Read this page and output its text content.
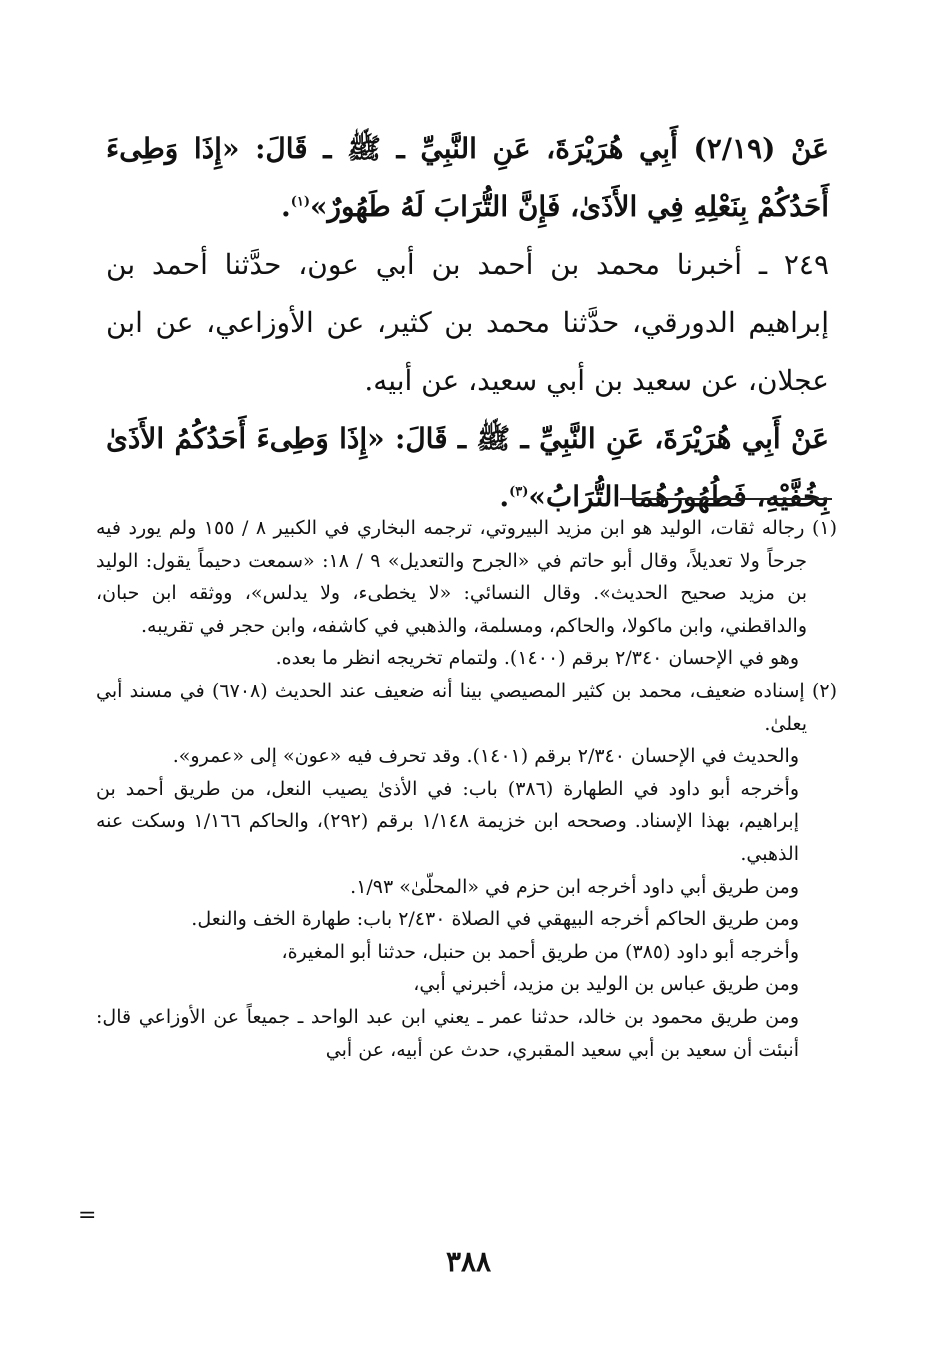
عَنْ (٢/١٩) أَبِي هُرَيْرَةَ، عَنِ النَّبِيِّ ـ ﷺ ـ قَالَ: «إِذَا وَطِىءَ أَحَدُكُمْ بِنَعْلِهِ فِي الأَذَىٰ، فَإِنَّ التُّرَابَ لَهُ طَهُورٌ»$^{(١)}$.

٢٤٩ ـ أخبرنا محمد بن أحمد بن أبي عون، حدَّثنا أحمد بن إبراهيم الدورقي، حدَّثنا محمد بن كثير، عن الأوزاعي، عن ابن عجلان، عن سعيد بن أبي سعيد، عن أبيه.

عَنْ أَبِي هُرَيْرَةَ، عَنِ النَّبِيِّ ـ ﷺ ـ قَالَ: «إِذَا وَطِىءَ أَحَدُكُمُ الأَذَىٰ بِخُفَّيْهِ، فَطُهُورُهُمَا التُّرَابُ»$^{(٣)}$.

(١) رجاله ثقات، الوليد هو ابن مزيد البيروتي، ترجمه البخاري في الكبير ٨ / ١٥٥ ولم يورد فيه جرحاً ولا تعديلاً، وقال أبو حاتم في «الجرح والتعديل» ٩ / ١٨: «سمعت دحيماً يقول: الوليد بن مزيد صحيح الحديث». وقال النسائي: «لا يخطىء، ولا يدلس»، ووثقه ابن حبان، والداقطني، وابن ماكولا، والحاكم، ومسلمة، والذهبي في كاشفه، وابن حجر في تقريبه.

وهو في الإحسان ٢/٣٤٠ برقم (١٤٠٠). ولتمام تخريجه انظر ما بعده.

(٢) إسناده ضعيف، محمد بن كثير المصيصي بينا أنه ضعيف عند الحديث (٦٧٠٨) في مسند أبي يعلىٰ.

والحديث في الإحسان ٢/٣٤٠ برقم (١٤٠١). وقد تحرف فيه «عون» إلى «عمرو».

وأخرجه أبو داود في الطهارة (٣٨٦) باب: في الأذىٰ يصيب النعل، من طريق أحمد بن إبراهيم، بهذا الإسناد. وصححه ابن خزيمة ١/١٤٨ برقم (٢٩٢)، والحاكم ١/١٦٦ وسكت عنه الذهبي.

ومن طريق أبي داود أخرجه ابن حزم في «المحلّىٰ» ١/٩٣.

ومن طريق الحاكم أخرجه البيهقي في الصلاة ٢/٤٣٠ باب: طهارة الخف والنعل.

وأخرجه أبو داود (٣٨٥) من طريق أحمد بن حنبل، حدثنا أبو المغيرة،

ومن طريق عباس بن الوليد بن مزيد، أخبرني أبي،

ومن طريق محمود بن خالد، حدثنا عمر ـ يعني ابن عبد الواحد ـ جميعاً عن الأوزاعي قال: أنبئت أن سعيد بن أبي سعيد المقبري، حدث عن أبيه، عن أبي

=
٣٨٨
